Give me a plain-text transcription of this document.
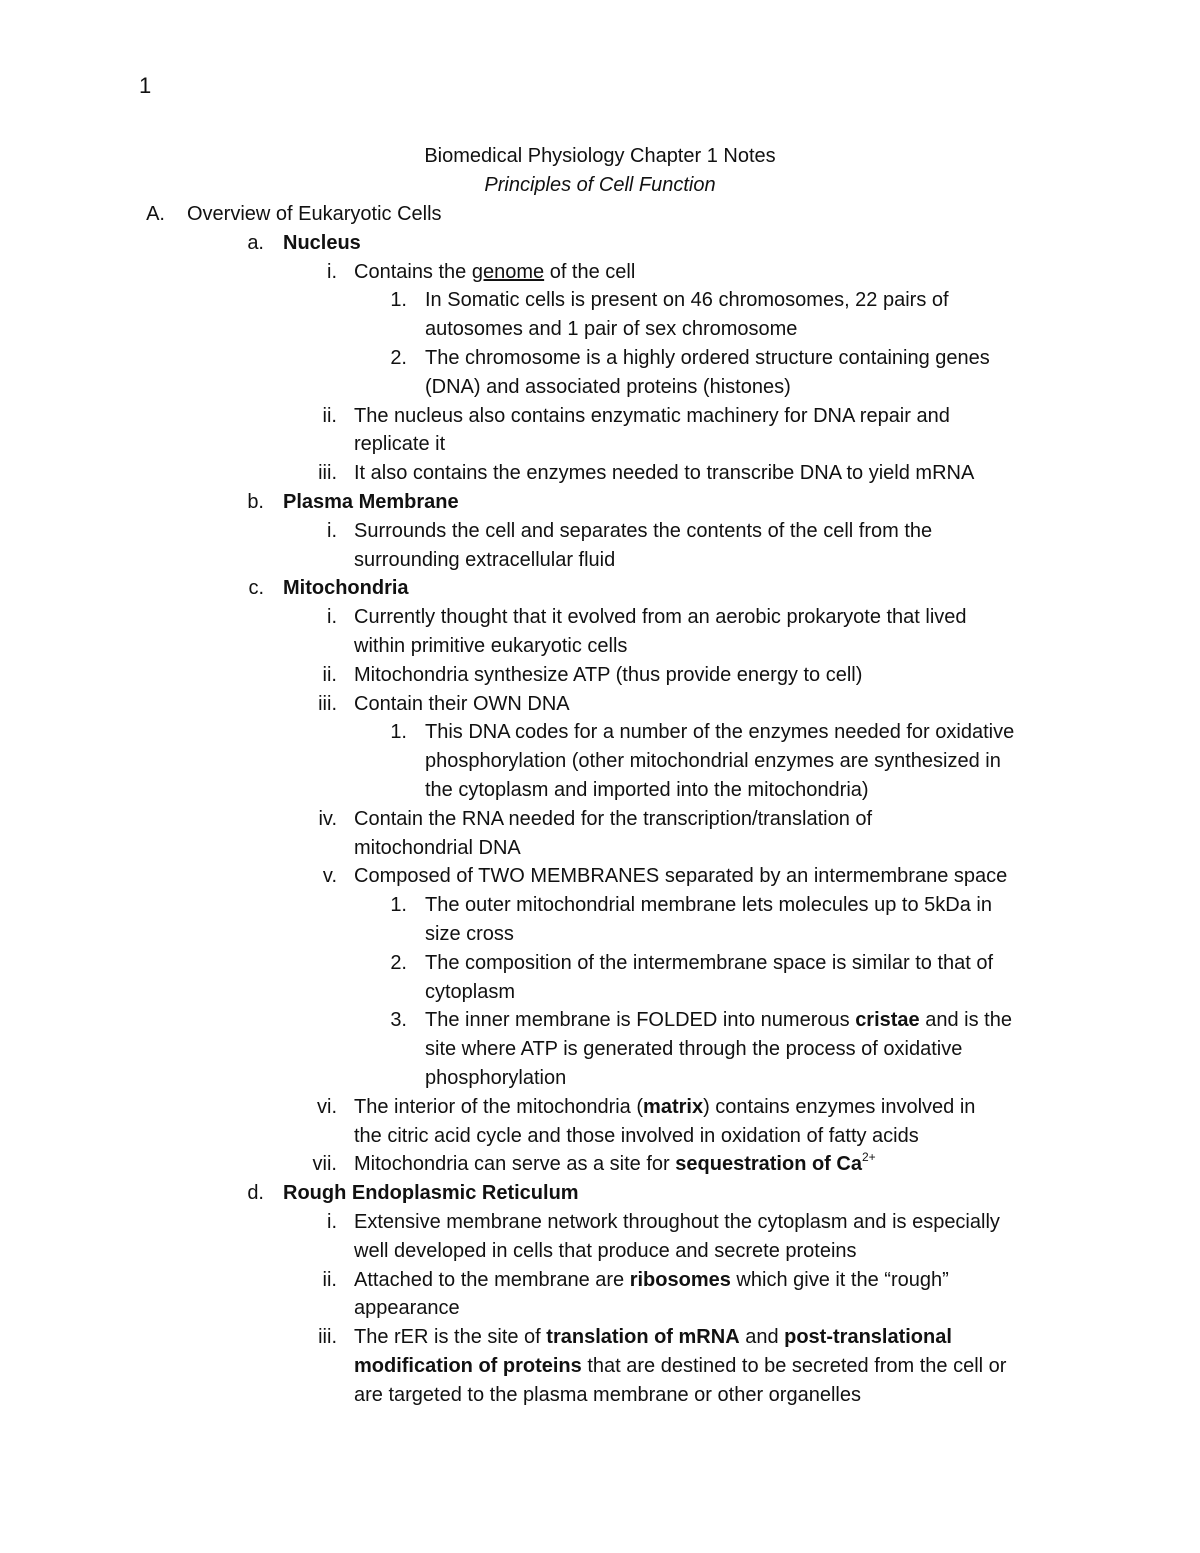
1
Biomedical Physiology Chapter 1 Notes
Principles of Cell Function
A. Overview of Eukaryotic Cells
a. Nucleus
i. Contains the genome of the cell
1. In Somatic cells is present on 46 chromosomes, 22 pairs of
autosomes and 1 pair of sex chromosome
2. The chromosome is a highly ordered structure containing genes
(DNA) and associated proteins (histones)
ii. The nucleus also contains enzymatic machinery for DNA repair and
replicate it
iii. It also contains the enzymes needed to transcribe DNA to yield mRNA
b. Plasma Membrane
i. Surrounds the cell and separates the contents of the cell from the
surrounding extracellular fluid
c. Mitochondria
i. Currently thought that it evolved from an aerobic prokaryote that lived
within primitive eukaryotic cells
ii. Mitochondria synthesize ATP (thus provide energy to cell)
iii. Contain their OWN DNA
1. This DNA codes for a number of the enzymes needed for oxidative
phosphorylation (other mitochondrial enzymes are synthesized in
the cytoplasm and imported into the mitochondria)
iv. Contain the RNA needed for the transcription/translation of
mitochondrial DNA
v. Composed of TWO MEMBRANES separated by an intermembrane space
1. The outer mitochondrial membrane lets molecules up to 5kDa in
size cross
2. The composition of the intermembrane space is similar to that of
cytoplasm
3. The inner membrane is FOLDED into numerous cristae and is the
site where ATP is generated through the process of oxidative
phosphorylation
vi. The interior of the mitochondria (matrix) contains enzymes involved in
the citric acid cycle and those involved in oxidation of fatty acids
vii. Mitochondria can serve as a site for sequestration of $Ca^{2+}$
d. Rough Endoplasmic Reticulum
i. Extensive membrane network throughout the cytoplasm and is especially
well developed in cells that produce and secrete proteins
ii. Attached to the membrane are ribosomes which give it the “rough”
appearance
iii. The rER is the site of translation of mRNA and post-translational
modification of proteins that are destined to be secreted from the cell or
are targeted to the plasma membrane or other organelles
